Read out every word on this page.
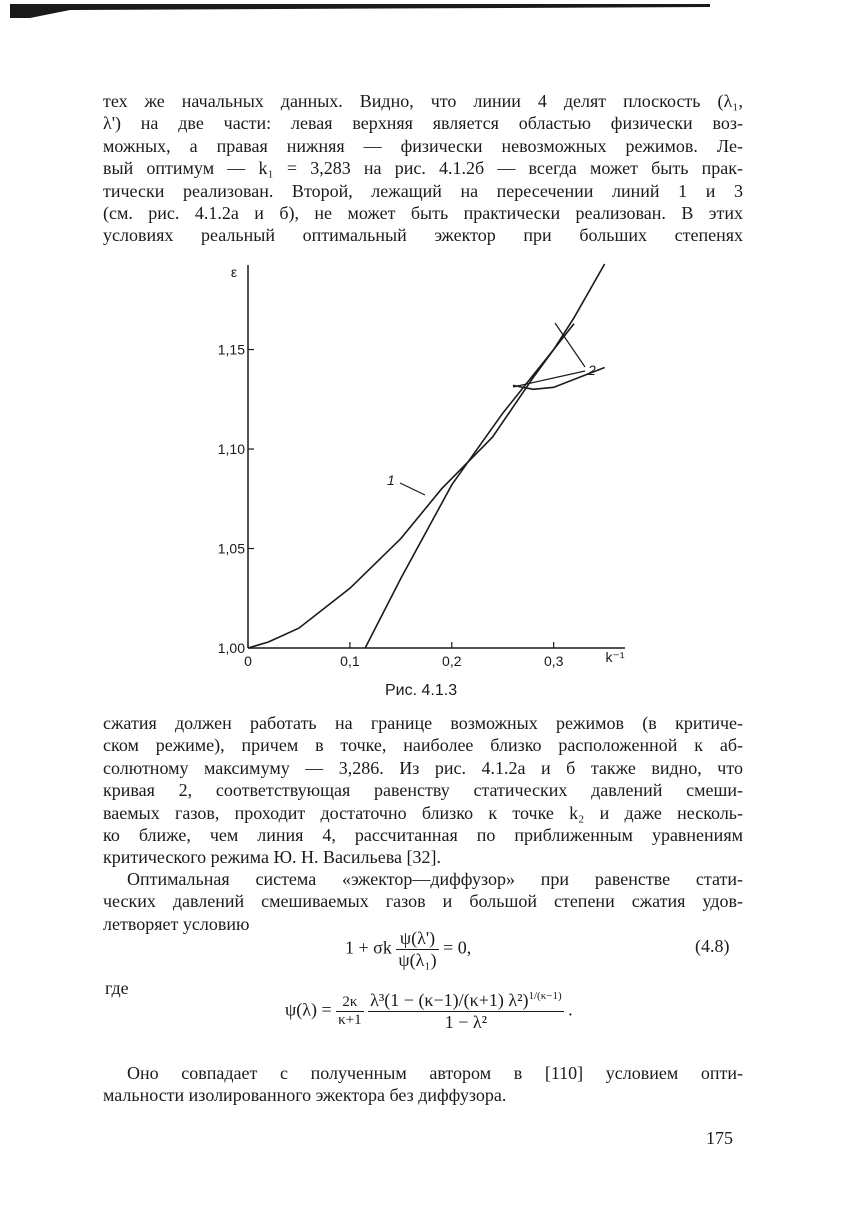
тех же начальных данных. Видно, что линии 4 делят плоскость (λ₁,
λ') на две части: левая верхняя является областью физически воз-
можных, а правая нижняя — физически невозможных режимов. Ле-
вый оптимум — k₁ = 3,283 на рис. 4.1.2б — всегда может быть прак-
тически реализован. Второй, лежащий на пересечении линий 1 и 3
(см. рис. 4.1.2а и б), не может быть практически реализован. В этих
условиях реальный оптимальный эжектор при больших степенях
0	0,1	0,2	0,3
1,00
1,05
1,10
1,15
ε
k⁻¹
1
2
Рис. 4.1.3
сжатия должен работать на границе возможных режимов (в критиче-
ском режиме), причем в точке, наиболее близко расположенной к аб-
солютному максимуму — 3,286. Из рис. 4.1.2а и б также видно, что
кривая 2, соответствующая равенству статических давлений смеши-
ваемых газов, проходит достаточно близко к точке k₂ и даже несколь-
ко ближе, чем линия 4, рассчитанная по приближенным уравнениям
критического режима Ю. Н. Васильева [32].
Оптимальная система «эжектор—диффузор» при равенстве стати-
ческих давлений смешиваемых газов и большой степени сжатия удов-
летворяет условию
1 + σk $\frac{\psi(\lambda')}{\text{ψ(λ₁)}} = 0$,	(4.8)
где
$\psi(\lambda) = \frac{2\kappa}{\kappa+1}$
$\frac{\lambda^3(1 - (\kappa-1)/(\kappa+1) \lambda^2)^{1/(\kappa-1)}}{\text{1 − λ²}}$ .
Оно совпадает с полученным автором в [110] условием опти-
мальности изолированного эжектора без диффузора.
175
